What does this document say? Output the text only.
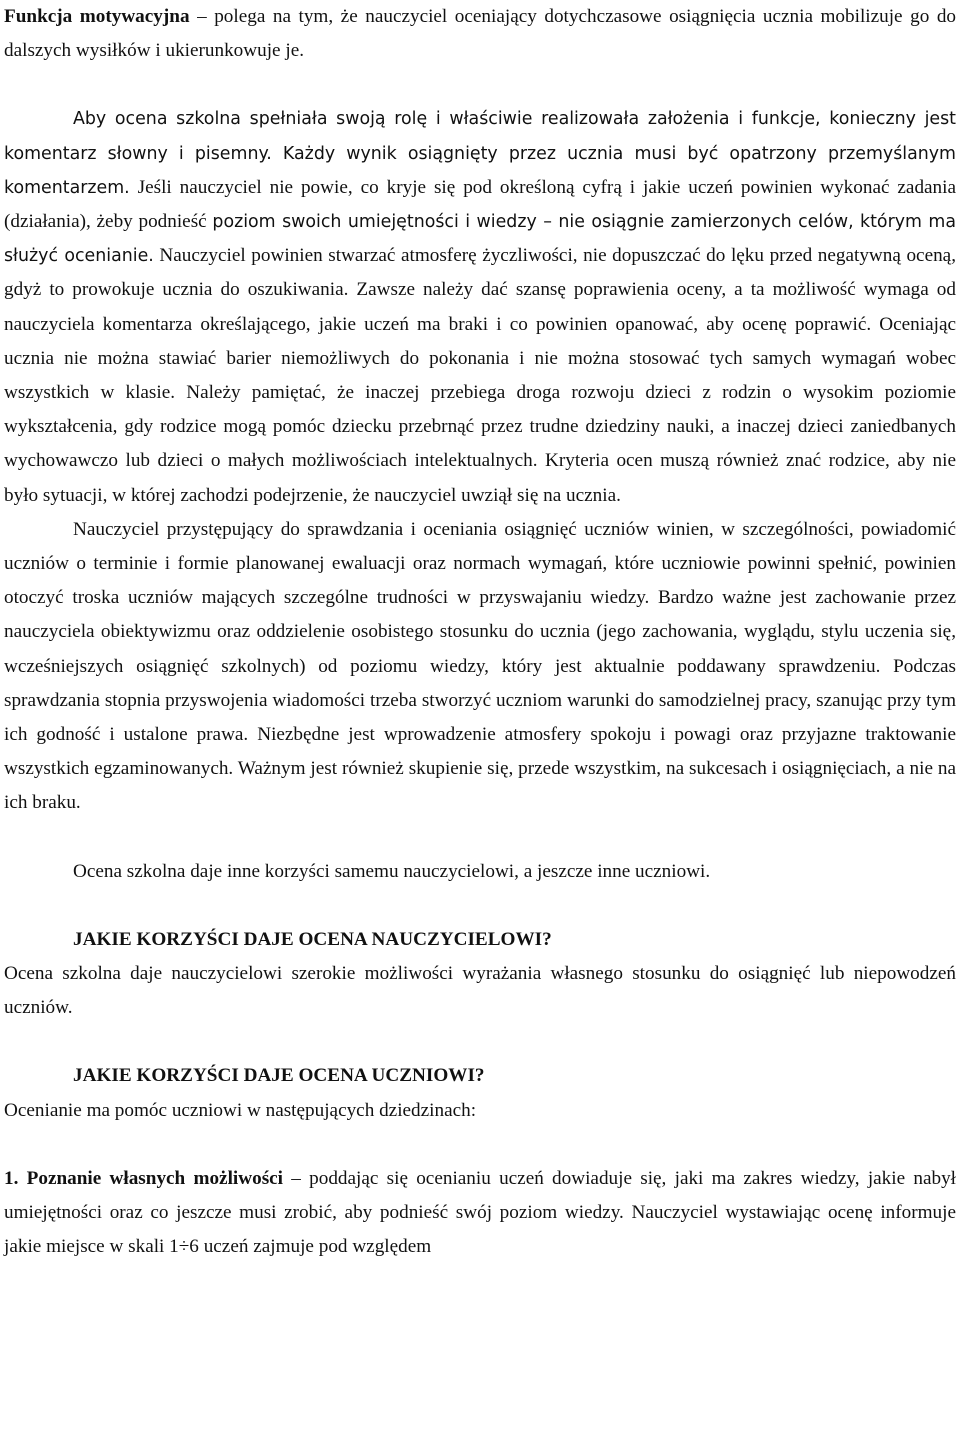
Funkcja motywacyjna – polega na tym, że nauczyciel oceniający dotychczasowe osiągnięcia ucznia mobilizuje go do dalszych wysiłków i ukierunkowuje je.

Aby ocena szkolna spełniała swoją rolę i właściwie realizowała założenia i funkcje, konieczny jest komentarz słowny i pisemny. Każdy wynik osiągnięty przez ucznia musi być opatrzony przemyślanym komentarzem. Jeśli nauczyciel nie powie, co kryje się pod określoną cyfrą i jakie uczeń powinien wykonać zadania (działania), żeby podnieść poziom swoich umiejętności i wiedzy – nie osiągnie zamierzonych celów, którym ma służyć ocenianie. Nauczyciel powinien stwarzać atmosferę życzliwości, nie dopuszczać do lęku przed negatywną oceną, gdyż to prowokuje ucznia do oszukiwania. Zawsze należy dać szansę poprawienia oceny, a ta możliwość wymaga od nauczyciela komentarza określającego, jakie uczeń ma braki i co powinien opanować, aby ocenę poprawić. Oceniając ucznia nie można stawiać barier niemożliwych do pokonania i nie można stosować tych samych wymagań wobec wszystkich w klasie. Należy pamiętać, że inaczej przebiega droga rozwoju dzieci z rodzin o wysokim poziomie wykształcenia, gdy rodzice mogą pomóc dziecku przebrnąć przez trudne dziedziny nauki, a inaczej dzieci zaniedbanych wychowawczo lub dzieci o małych możliwościach intelektualnych. Kryteria ocen muszą również znać rodzice, aby nie było sytuacji, w której zachodzi podejrzenie, że nauczyciel uwziął się na ucznia.

Nauczyciel przystępujący do sprawdzania i oceniania osiągnięć uczniów winien, w szczególności, powiadomić uczniów o terminie i formie planowanej ewaluacji oraz normach wymagań, które uczniowie powinni spełnić, powinien otoczyć troska uczniów mających szczególne trudności w przyswajaniu wiedzy. Bardzo ważne jest zachowanie przez nauczyciela obiektywizmu oraz oddzielenie osobistego stosunku do ucznia (jego zachowania, wyglądu, stylu uczenia się, wcześniejszych osiągnięć szkolnych) od poziomu wiedzy, który jest aktualnie poddawany sprawdzeniu. Podczas sprawdzania stopnia przyswojenia wiadomości trzeba stworzyć uczniom warunki do samodzielnej pracy, szanując przy tym ich godność i ustalone prawa. Niezbędne jest wprowadzenie atmosfery spokoju i powagi oraz przyjazne traktowanie wszystkich egzaminowanych. Ważnym jest również skupienie się, przede wszystkim, na sukcesach i osiągnięciach, a nie na ich braku.

Ocena szkolna daje inne korzyści samemu nauczycielowi, a jeszcze inne uczniowi.

JAKIE KORZYŚCI DAJE OCENA NAUCZYCIELOWI?

Ocena szkolna daje nauczycielowi szerokie możliwości wyrażania własnego stosunku do osiągnięć lub niepowodzeń uczniów.

JAKIE KORZYŚCI DAJE OCENA UCZNIOWI?

Ocenianie ma pomóc uczniowi w następujących dziedzinach:

1. Poznanie własnych możliwości – poddając się ocenianiu uczeń dowiaduje się, jaki ma zakres wiedzy, jakie nabył umiejętności oraz co jeszcze musi zrobić, aby podnieść swój poziom wiedzy. Nauczyciel wystawiając ocenę informuje jakie miejsce w skali 1÷6 uczeń zajmuje pod względem
